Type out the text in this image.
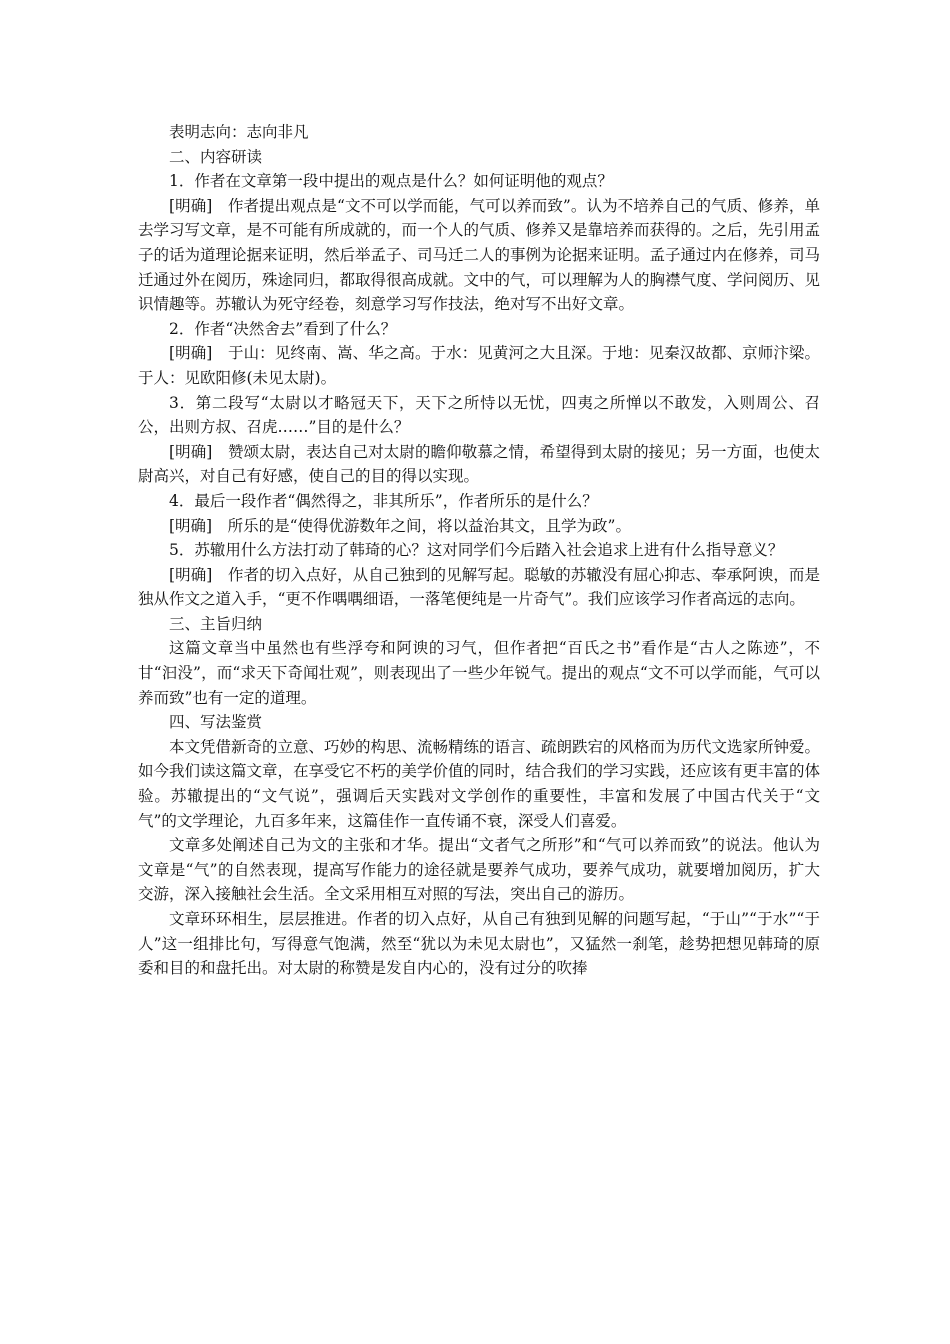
表明志向：志向非凡

二、内容研读

1．作者在文章第一段中提出的观点是什么？如何证明他的观点？

[明确]　作者提出观点是“文不可以学而能，气可以养而致”。认为不培养自己的气质、修养，单去学习写文章，是不可能有所成就的，而一个人的气质、修养又是靠培养而获得的。之后，先引用孟子的话为道理论据来证明，然后举孟子、司马迁二人的事例为论据来证明。孟子通过内在修养，司马迁通过外在阅历，殊途同归，都取得很高成就。文中的气，可以理解为人的胸襟气度、学问阅历、见识情趣等。苏辙认为死守经卷，刻意学习写作技法，绝对写不出好文章。

2．作者“决然舍去”看到了什么？

[明确]　于山：见终南、嵩、华之高。于水：见黄河之大且深。于地：见秦汉故都、京师汴梁。于人：见欧阳修(未见太尉)。

3．第二段写“太尉以才略冠天下，天下之所恃以无忧，四夷之所惮以不敢发，入则周公、召公，出则方叔、召虎……”目的是什么？

[明确]　赞颂太尉，表达自己对太尉的瞻仰敬慕之情，希望得到太尉的接见；另一方面，也使太尉高兴，对自己有好感，使自己的目的得以实现。

4．最后一段作者“偶然得之，非其所乐”，作者所乐的是什么？

[明确]　所乐的是“使得优游数年之间，将以益治其文，且学为政”。

5．苏辙用什么方法打动了韩琦的心？这对同学们今后踏入社会追求上进有什么指导意义？

[明确]　作者的切入点好，从自己独到的见解写起。聪敏的苏辙没有屈心抑志、奉承阿谀，而是独从作文之道入手，“更不作喁喁细语，一落笔便纯是一片奇气”。我们应该学习作者高远的志向。

三、主旨归纳

这篇文章当中虽然也有些浮夸和阿谀的习气，但作者把“百氏之书”看作是“古人之陈迹”，不甘“汩没”，而“求天下奇闻壮观”，则表现出了一些少年锐气。提出的观点“文不可以学而能，气可以养而致”也有一定的道理。

四、写法鉴赏

本文凭借新奇的立意、巧妙的构思、流畅精练的语言、疏朗跌宕的风格而为历代文选家所钟爱。如今我们读这篇文章，在享受它不朽的美学价值的同时，结合我们的学习实践，还应该有更丰富的体验。苏辙提出的“文气说”，强调后天实践对文学创作的重要性，丰富和发展了中国古代关于“文气”的文学理论，九百多年来，这篇佳作一直传诵不衰，深受人们喜爱。

文章多处阐述自己为文的主张和才华。提出“文者气之所形”和“气可以养而致”的说法。他认为文章是“气”的自然表现，提高写作能力的途径就是要养气成功，要养气成功，就要增加阅历，扩大交游，深入接触社会生活。全文采用相互对照的写法，突出自己的游历。

文章环环相生，层层推进。作者的切入点好，从自己有独到见解的问题写起，“于山”“于水”“于人”这一组排比句，写得意气饱满，然至“犹以为未见太尉也”，又猛然一刹笔，趁势把想见韩琦的原委和目的和盘托出。对太尉的称赞是发自内心的，没有过分的吹捧
